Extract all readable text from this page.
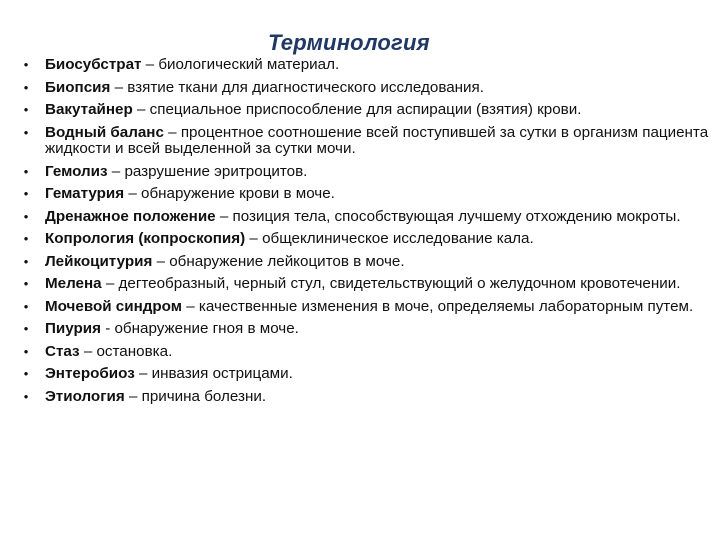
Терминология
• Биосубстрат – биологический материал.
• Биопсия – взятие ткани для диагностического исследования.
• Вакутайнер – специальное приспособление для аспирации (взятия) крови.
• Водный баланс – процентное соотношение всей поступившей за сутки в организм пациента жидкости и всей выделенной за сутки мочи.
• Гемолиз – разрушение эритроцитов.
• Гематурия – обнаружение крови в моче.
• Дренажное положение – позиция тела, способствующая лучшему отхождению мокроты.
• Копрология (копроскопия) – общеклиническое исследование кала.
• Лейкоцитурия – обнаружение лейкоцитов в моче.
• Мелена – дегтеобразный, черный стул, свидетельствующий о желудочном кровотечении.
• Мочевой синдром – качественные изменения в моче, определяемы лабораторным путем.
• Пиурия - обнаружение гноя в моче.
• Стаз – остановка.
• Энтеробиоз – инвазия острицами.
• Этиология – причина болезни.
